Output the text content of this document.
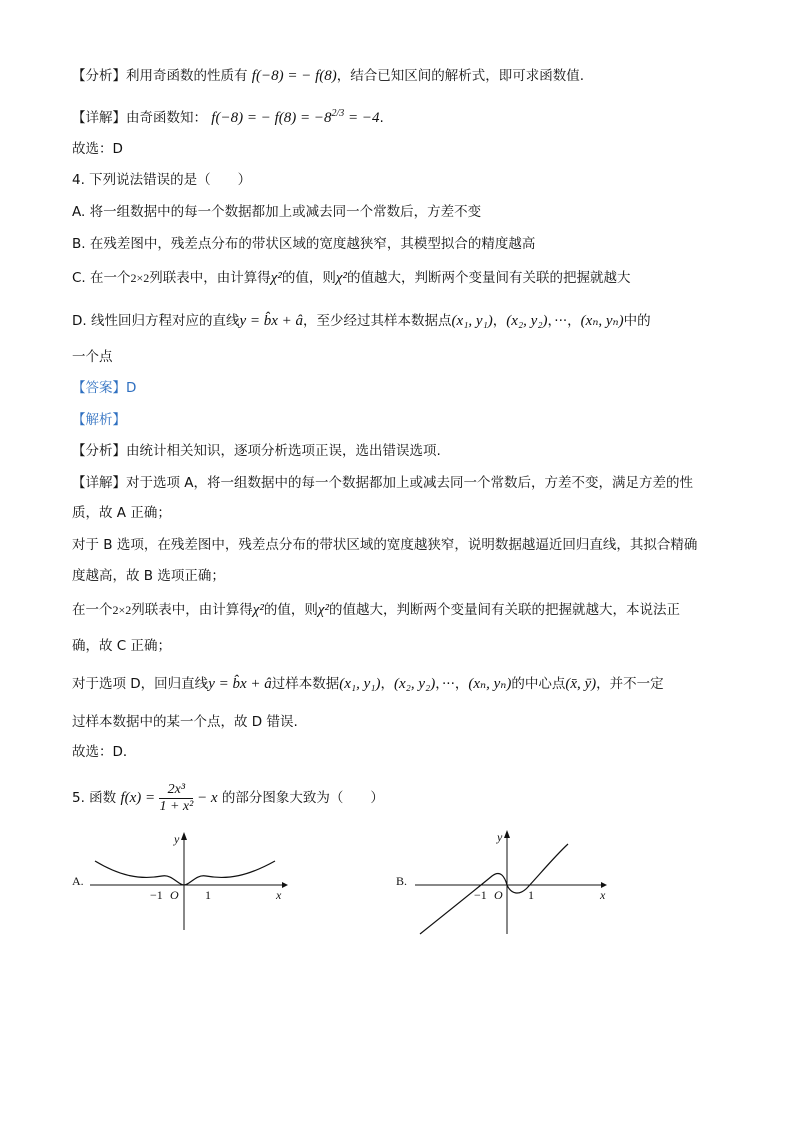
【分析】利用奇函数的性质有 f(−8) = − f(8)，结合已知区间的解析式，即可求函数值.
【详解】由奇函数知： f(−8) = − $f(8) = -8^{2/3} = -4$.
故选：D
4. 下列说法错误的是（　　）
A. 将一组数据中的每一个数据都加上或减去同一个常数后，方差不变
B. 在残差图中，残差点分布的带状区域的宽度越狭窄，其模型拟合的精度越高
C. 在一个2×2列联表中，由计算得χ²的值，则χ²的值越大，判断两个变量间有关联的把握就越大
D. 线性回归方程对应的直线y = b̂x + â，至少经过其样本数据点(x₁, y₁)，(x₂, y₂)，···，(xₙ, yₙ)中的
一个点
【答案】D
【解析】
【分析】由统计相关知识，逐项分析选项正误，选出错误选项.
【详解】对于选项 A，将一组数据中的每一个数据都加上或减去同一个常数后，方差不变，满足方差的性
质，故 A 正确；
对于 B 选项，在残差图中，残差点分布的带状区域的宽度越狭窄，说明数据越逼近回归直线，其拟合精确
度越高，故 B 选项正确；
在一个2×2列联表中，由计算得χ²的值，则χ²的值越大，判断两个变量间有关联的把握就越大，本说法正
确，故 C 正确；
对于选项 D，回归直线y = b̂x + â过样本数据(x₁, y₁)，(x₂, y₂)，···，(xₙ, yₙ)的中心点(x̄, ȳ)，并不一定
过样本数据中的某一个点，故 D 错误.
故选：D．
5. 函数 $f(x) = \frac{\text{2x³}}{\text{1 + x²}} - x$ 的部分图象大致为（　　）
A.
y
x
O
−1	1
B.
y
x
O
−1	1
